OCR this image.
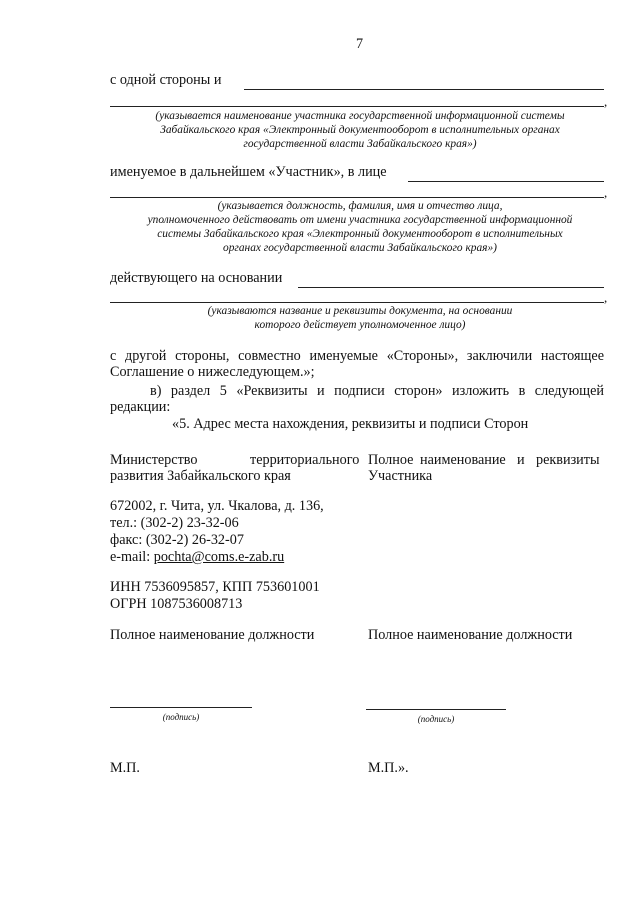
7
с одной стороны и
,
(указывается наименование участника государственной информационной системы
Забайкальского края «Электронный документооборот в исполнительных органах
государственной власти Забайкальского края»)
именуемое в дальнейшем «Участник», в лице
,
(указывается должность, фамилия, имя и отчество лица,
уполномоченного действовать от имени участника государственной информационной
системы Забайкальского края «Электронный документооборот в исполнительных
органах государственной власти Забайкальского края»)
действующего на основании
,
(указываются название и реквизиты документа, на основании
которого действует уполномоченное лицо)
с другой стороны, совместно именуемые «Стороны», заключили настоящее
Соглашение о нижеследующем.»;
в) раздел 5 «Реквизиты и подписи сторон» изложить в следующей
редакции:
«5. Адрес места нахождения, реквизиты и подписи Сторон
Министерство	территориального
развития Забайкальского края
672002, г. Чита, ул. Чкалова, д. 136,
тел.: (302-2) 23-32-06
факс: (302-2) 26-32-07
e-mail: pochta@coms.e-zab.ru
ИНН 7536095857, КПП 753601001
ОГРН 1087536008713
Полное наименование должности
(подпись)
М.П.
Полное наименование и реквизиты
Участника
Полное наименование должности
(подпись)
М.П.».
